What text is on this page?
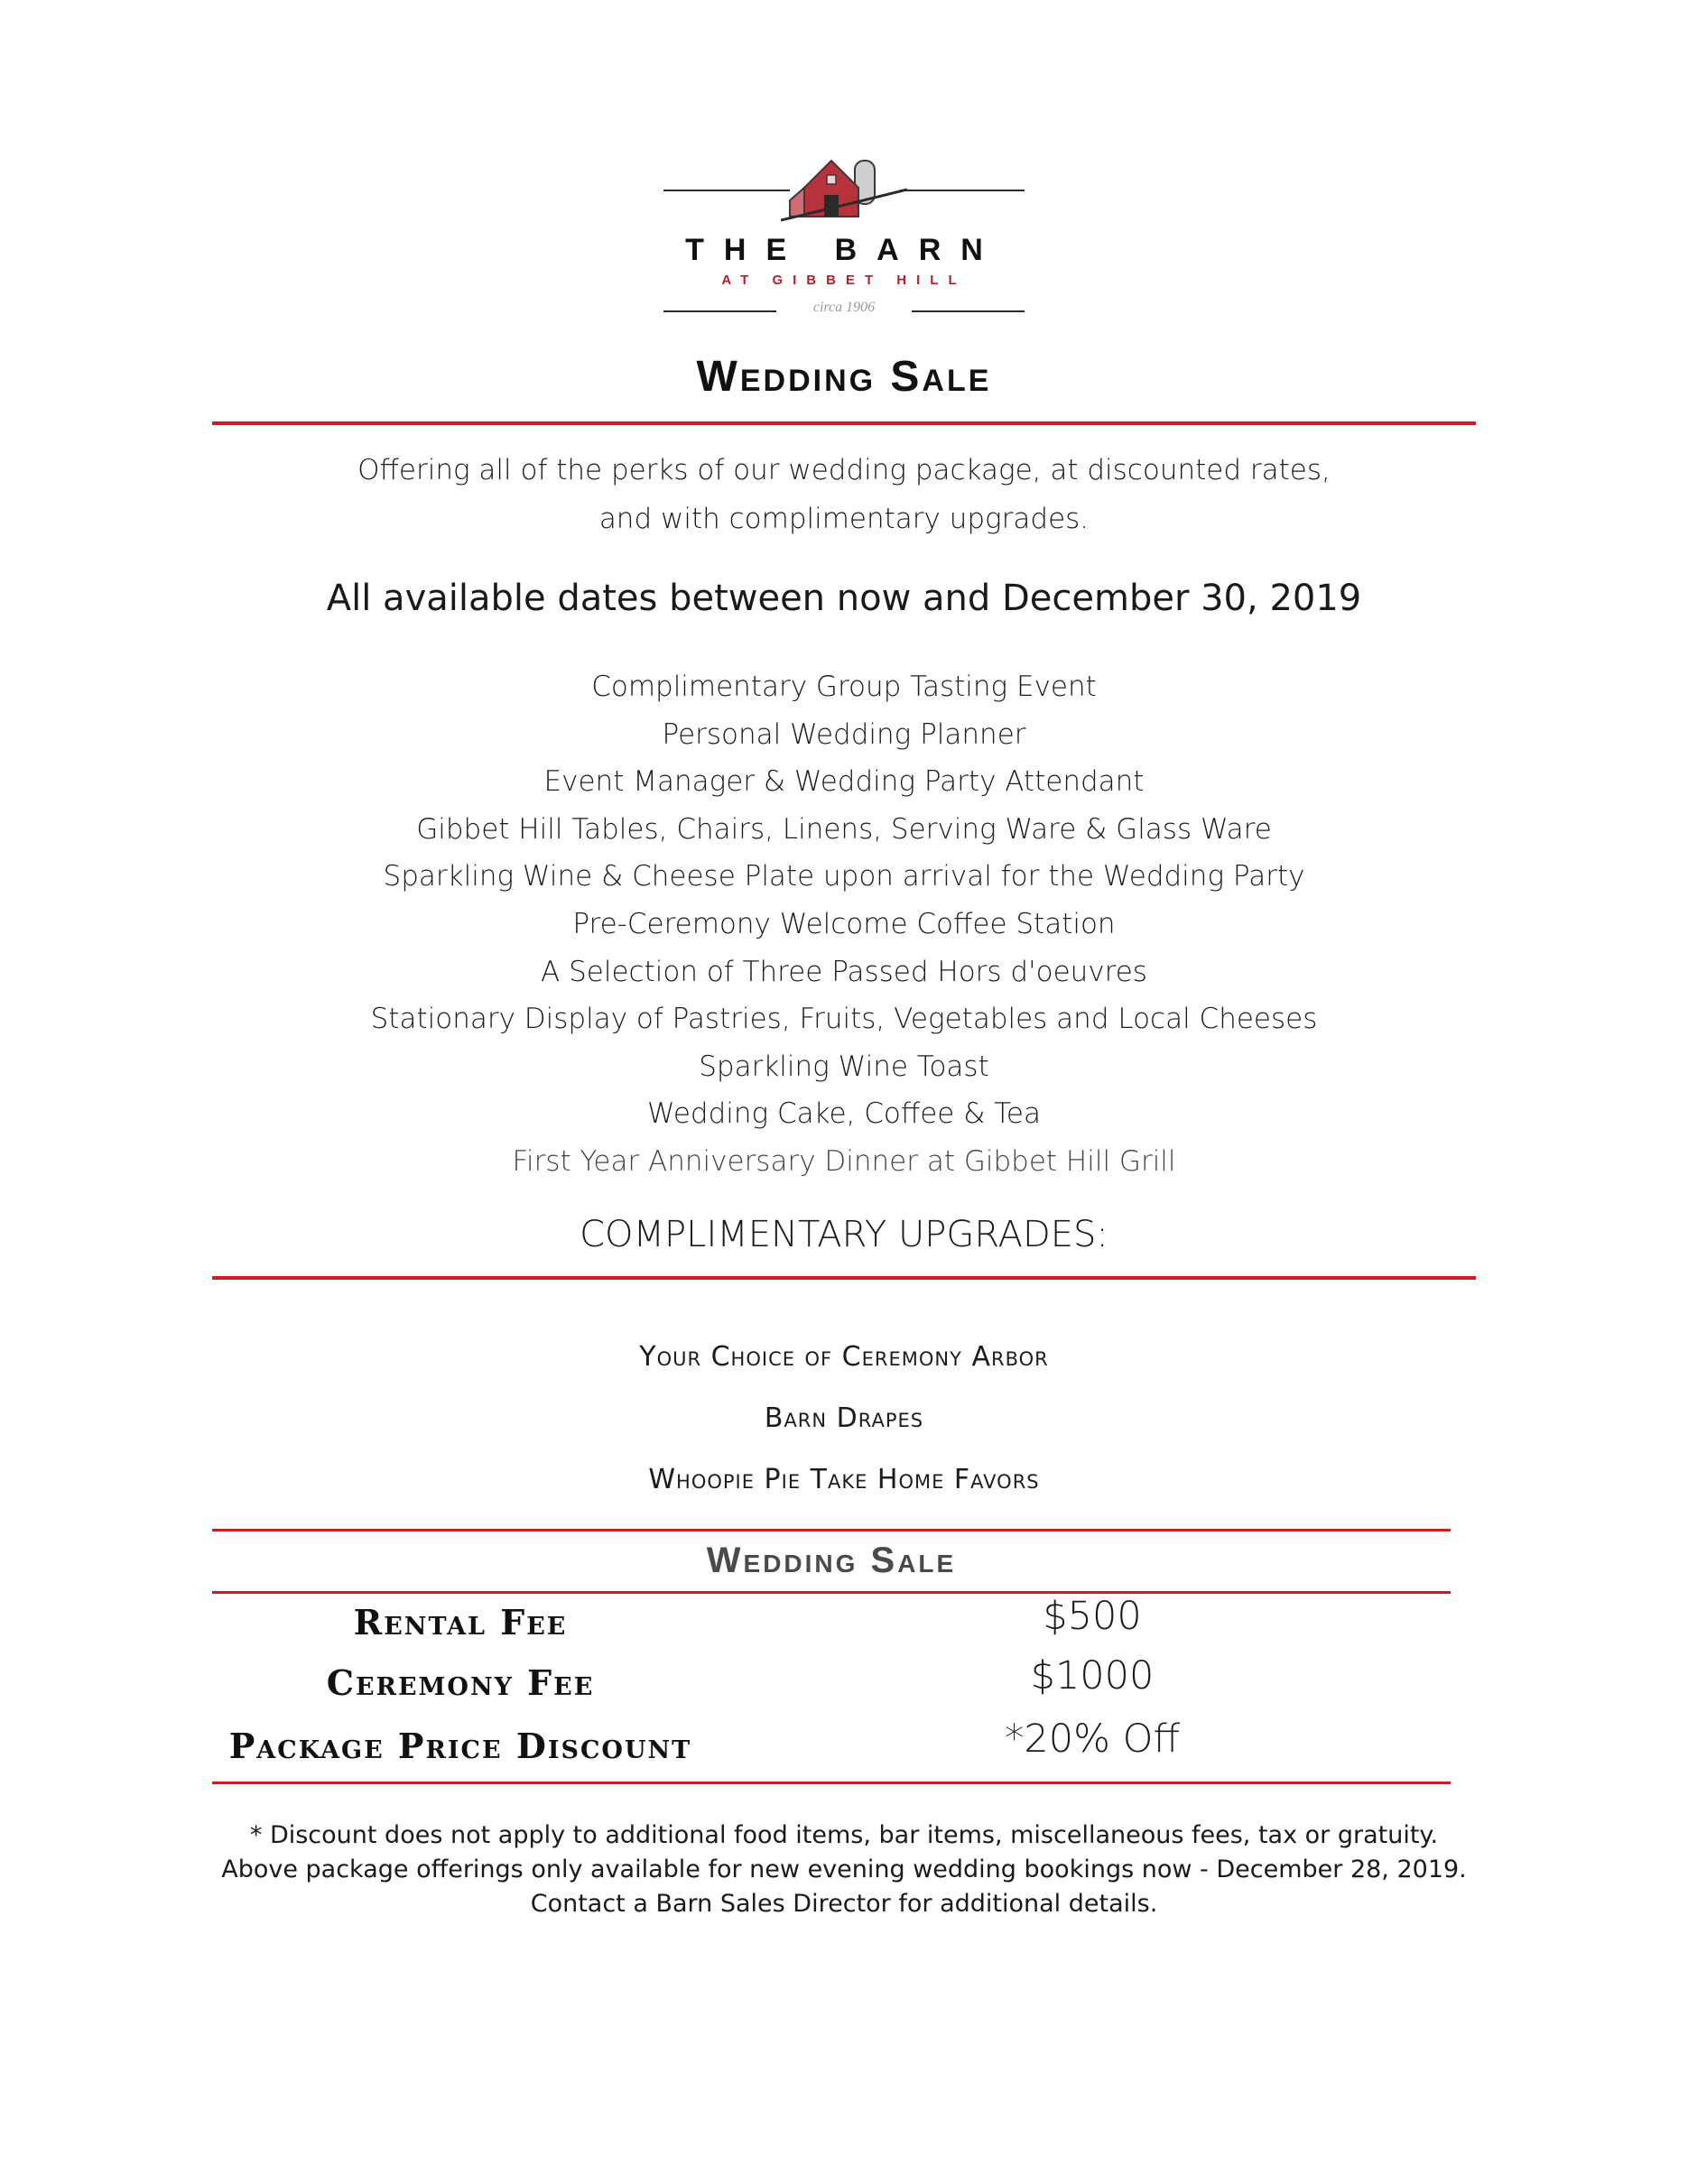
THE BARN
AT GIBBET HILL
circa 1906
Wedding Sale
Offering all of the perks of our wedding package, at discounted rates,
and with complimentary upgrades.
All available dates between now and December 30, 2019
Complimentary Group Tasting Event
Personal Wedding Planner
Event Manager & Wedding Party Attendant
Gibbet Hill Tables, Chairs, Linens, Serving Ware & Glass Ware
Sparkling Wine & Cheese Plate upon arrival for the Wedding Party
Pre-Ceremony Welcome Coffee Station
A Selection of Three Passed Hors d'oeuvres
Stationary Display of Pastries, Fruits, Vegetables and Local Cheeses
Sparkling Wine Toast
Wedding Cake, Coffee & Tea
First Year Anniversary Dinner at Gibbet Hill Grill
COMPLIMENTARY UPGRADES:
Your Choice of Ceremony Arbor
Barn Drapes
Whoopie Pie Take Home Favors
Wedding Sale
Rental Fee	$500
Ceremony Fee	$1000
Package Price Discount	*20% Off
* Discount does not apply to additional food items, bar items, miscellaneous fees, tax or gratuity.
Above package offerings only available for new evening wedding bookings now - December 28, 2019.
Contact a Barn Sales Director for additional details.
